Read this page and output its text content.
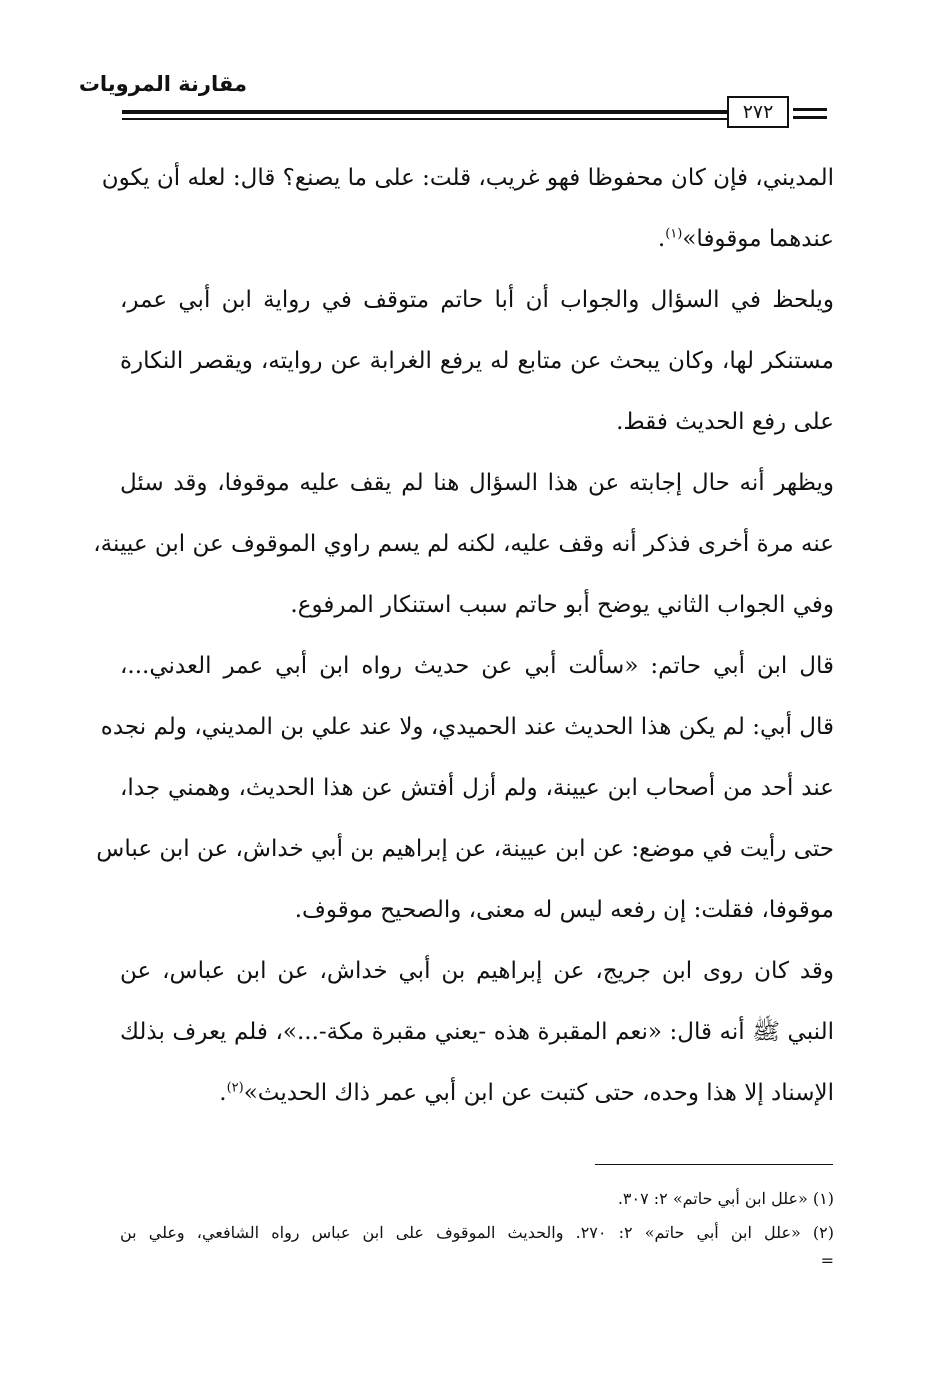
مقارنة المرويات
٢٧٢
المديني، فإن كان محفوظا فهو غريب، قلت: على ما يصنع؟ قال: لعله أن يكون
عندهما موقوفا»$^{(١)}$.
ويلحظ في السؤال والجواب أن أبا حاتم متوقف في رواية ابن أبي عمر،
مستنكر لها، وكان يبحث عن متابع له يرفع الغرابة عن روايته، ويقصر النكارة
على رفع الحديث فقط.
ويظهر أنه حال إجابته عن هذا السؤال هنا لم يقف عليه موقوفا، وقد سئل
عنه مرة أخرى فذكر أنه وقف عليه، لكنه لم يسم راوي الموقوف عن ابن عيينة،
وفي الجواب الثاني يوضح أبو حاتم سبب استنكار المرفوع.
قال ابن أبي حاتم: «سألت أبي عن حديث رواه ابن أبي عمر العدني...،
قال أبي: لم يكن هذا الحديث عند الحميدي، ولا عند علي بن المديني، ولم نجده
عند أحد من أصحاب ابن عيينة، ولم أزل أفتش عن هذا الحديث، وهمني جدا،
حتى رأيت في موضع: عن ابن عيينة، عن إبراهيم بن أبي خداش، عن ابن عباس
موقوفا، فقلت: إن رفعه ليس له معنى، والصحيح موقوف.
وقد كان روى ابن جريج، عن إبراهيم بن أبي خداش، عن ابن عباس، عن
النبي ﷺ أنه قال: «نعم المقبرة هذه -يعني مقبرة مكة-...»، فلم يعرف بذلك
الإسناد إلا هذا وحده، حتى كتبت عن ابن أبي عمر ذاك الحديث»$^{(٢)}$.
(١) «علل ابن أبي حاتم» ٢: ٣٠٧.
(٢) «علل ابن أبي حاتم» ٢: ٢٧٠. والحديث الموقوف على ابن عباس رواه الشافعي، وعلي بن
=
